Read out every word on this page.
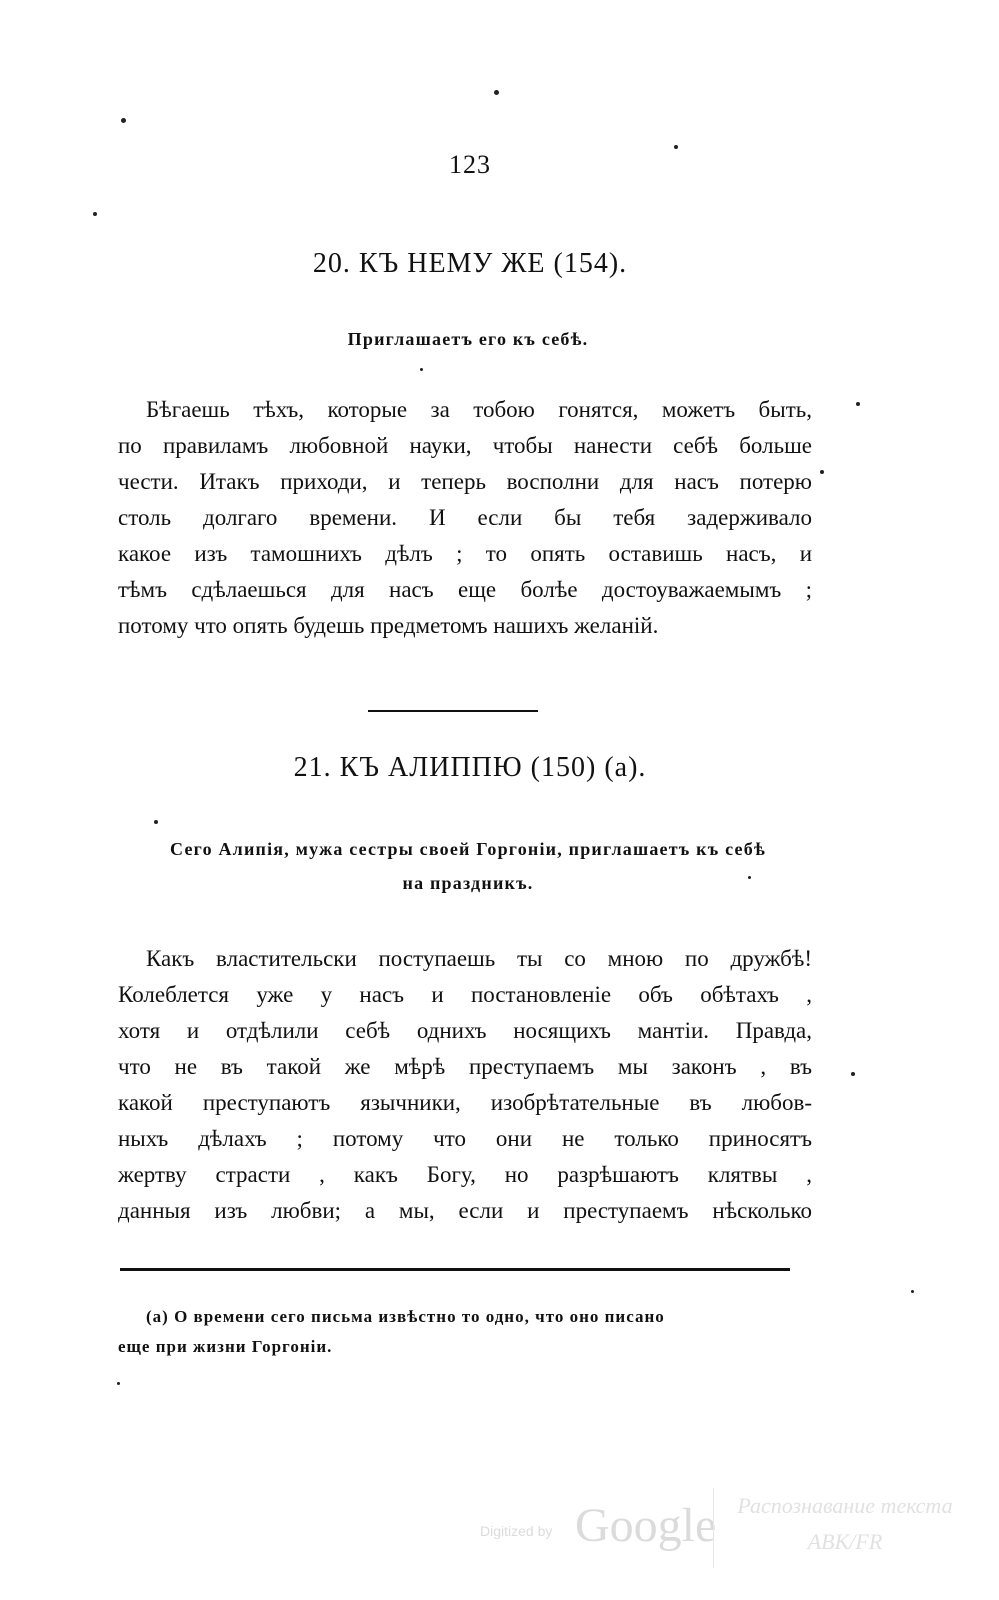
123
20. КЪ НЕМУ ЖЕ (154).
Приглашаетъ его къ себѣ.
Бѣгаешь тѣхъ, которые за тобою гонятся, можетъ быть,
по правиламъ любовной науки, чтобы нанести себѣ больше
чести. Итакъ приходи, и теперь восполни для насъ потерю
столь долгаго времени. И если бы тебя задерживало
какое изъ тамошнихъ дѣлъ ; то опять оставишь насъ, и
тѣмъ сдѣлаешься для насъ еще болѣе достоуважаемымъ ;
потому что опять будешь предметомъ нашихъ желаній.
21. КЪ АЛИППЮ (150) (а).
Сего Алипія, мужа сестры своей Горгоніи, приглашаетъ къ себѣ
на праздникъ.
Какъ властительски поступаешь ты со мною по дружбѣ!
Колеблется уже у насъ и постановленіе объ обѣтахъ ,
хотя и отдѣлили себѣ однихъ носящихъ мантіи. Правда,
что не въ такой же мѣрѣ преступаемъ мы законъ , въ
какой преступаютъ язычники, изобрѣтательные въ любов-
ныхъ дѣлахъ ; потому что они не только приносятъ
жертву страсти , какъ Богу, но разрѣшаютъ клятвы ,
данныя изъ любви; а мы, если и преступаемъ нѣсколько
(а) О времени сего письма извѣстно то одно, что оно писано
еще при жизни Горгоніи.
Digitized by Google Распознавание текста
ABK/FR
